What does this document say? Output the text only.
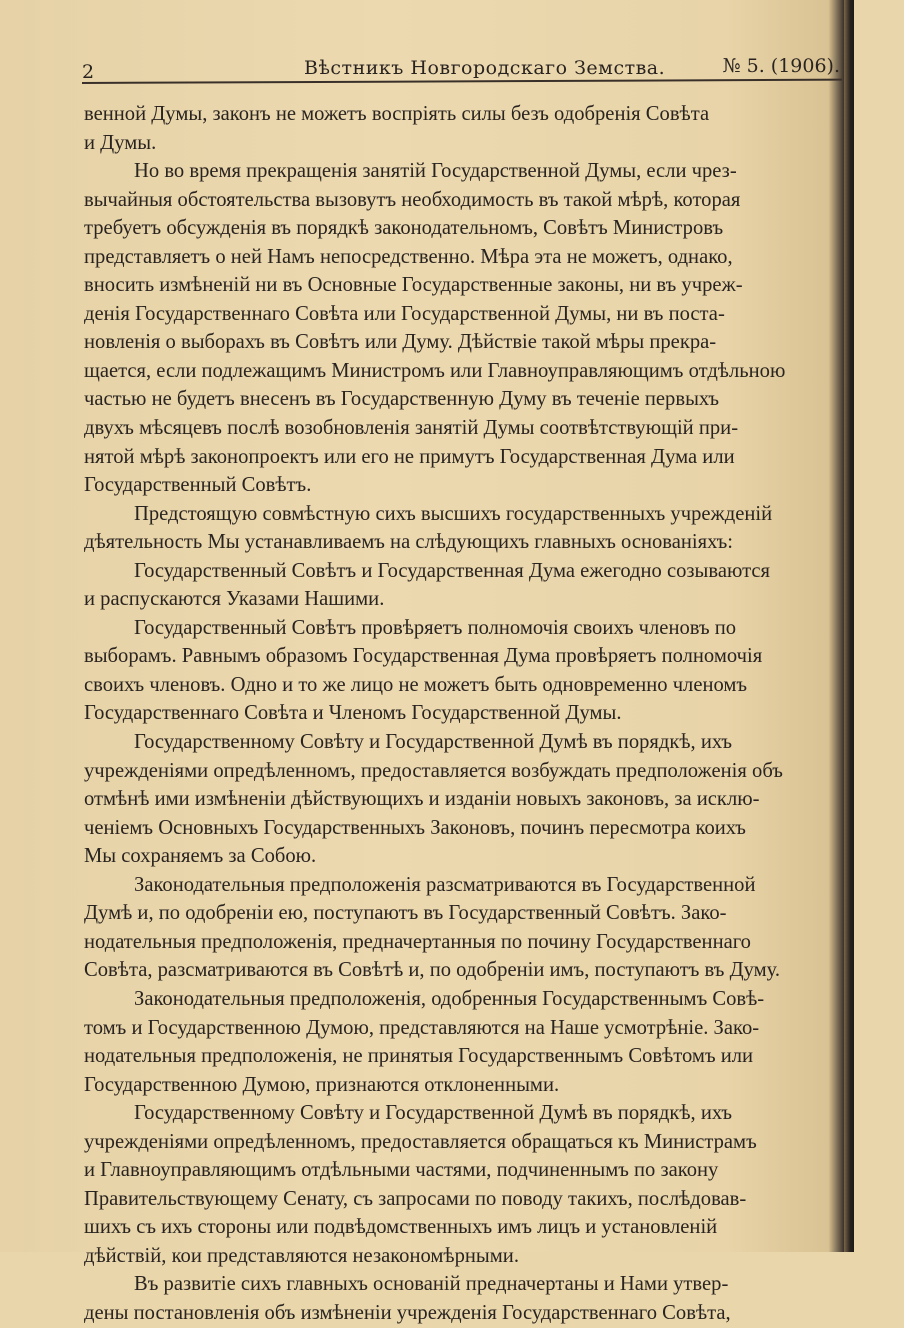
2	Вѣстникъ Новгородскаго Земства.	№ 5. (1906).
венной Думы, законъ не можетъ воспріять силы безъ одобренія Совѣта
и Думы.
Но во время прекращенія занятій Государственной Думы, если чрез-
вычайныя обстоятельства вызовутъ необходимость въ такой мѣрѣ, которая
требуетъ обсужденія въ порядкѣ законодательномъ, Совѣтъ Министровъ
представляетъ о ней Намъ непосредственно. Мѣра эта не можетъ, однако,
вносить измѣненій ни въ Основные Государственные законы, ни въ учреж-
денія Государственнаго Совѣта или Государственной Думы, ни въ поста-
новленія о выборахъ въ Совѣтъ или Думу. Дѣйствіе такой мѣры прекра-
щается, если подлежащимъ Министромъ или Главноуправляющимъ отдѣльною
частью не будетъ внесенъ въ Государственную Думу въ теченіе первыхъ
двухъ мѣсяцевъ послѣ возобновленія занятій Думы соотвѣтствующій при-
нятой мѣрѣ законопроектъ или его не примутъ Государственная Дума или
Государственный Совѣтъ.
Предстоящую совмѣстную сихъ высшихъ государственныхъ учрежденій
дѣятельность Мы устанавливаемъ на слѣдующихъ главныхъ основаніяхъ:
Государственный Совѣтъ и Государственная Дума ежегодно созываются
и распускаются Указами Нашими.
Государственный Совѣтъ провѣряетъ полномочія своихъ членовъ по
выборамъ. Равнымъ образомъ Государственная Дума провѣряетъ полномочія
своихъ членовъ. Одно и то же лицо не можетъ быть одновременно членомъ
Государственнаго Совѣта и Членомъ Государственной Думы.
Государственному Совѣту и Государственной Думѣ въ порядкѣ, ихъ
учрежденіями опредѣленномъ, предоставляется возбуждать предположенія объ
отмѣнѣ ими измѣненіи дѣйствующихъ и изданіи новыхъ законовъ, за исклю-
ченіемъ Основныхъ Государственныхъ Законовъ, починъ пересмотра коихъ
Мы сохраняемъ за Собою.
Законодательныя предположенія разсматриваются въ Государственной
Думѣ и, по одобреніи ею, поступаютъ въ Государственный Совѣтъ. Зако-
нодательныя предположенія, предначертанныя по почину Государственнаго
Совѣта, разсматриваются въ Совѣтѣ и, по одобреніи имъ, поступаютъ въ Думу.
Законодательныя предположенія, одобренныя Государственнымъ Совѣ-
томъ и Государственною Думою, представляются на Наше усмотрѣніе. Зако-
нодательныя предположенія, не принятыя Государственнымъ Совѣтомъ или
Государственною Думою, признаются отклоненными.
Государственному Совѣту и Государственной Думѣ въ порядкѣ, ихъ
учрежденіями опредѣленномъ, предоставляется обращаться къ Министрамъ
и Главноуправляющимъ отдѣльными частями, подчиненнымъ по закону
Правительствующему Сенату, съ запросами по поводу такихъ, послѣдовав-
шихъ съ ихъ стороны или подвѣдомственныхъ имъ лицъ и установленій
дѣйствій, кои представляются незакономѣрными.
Въ развитіе сихъ главныхъ основаній предначертаны и Нами утвер-
дены постановленія объ измѣненіи учрежденія Государственнаго Совѣта,
